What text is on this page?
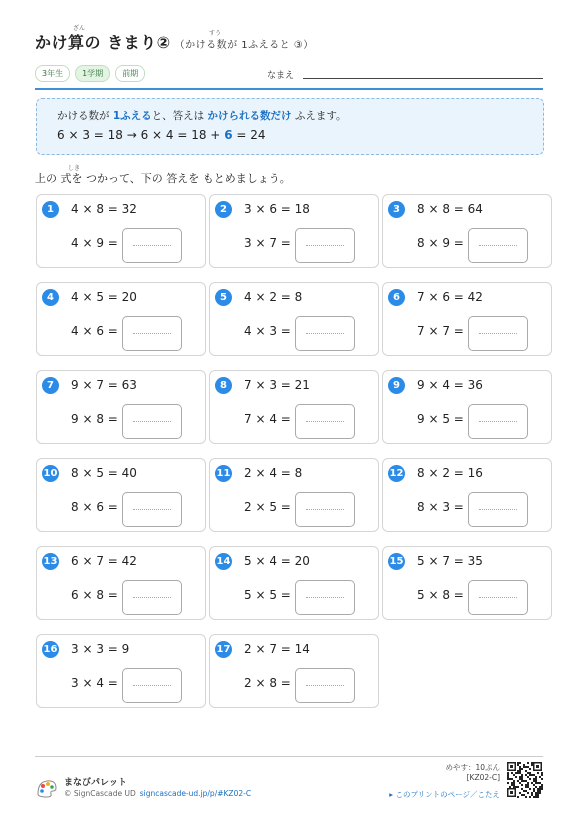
かけ算の きまり② （かける数が 1ふえると ③）
ざん
すう
3年生	1学期	前期	なまえ
かける数が 1ふえると、答えは かけられる数だけ ふえます。
6 × 3 = 18 → 6 × 4 = 18 + 6 = 24
上の 式を つかって、下の 答えを もとめましょう。
しき
1	4 × 8 = 32
4 × 9 =
2	3 × 6 = 18
3 × 7 =
3	8 × 8 = 64
8 × 9 =
4	4 × 5 = 20
4 × 6 =
5	4 × 2 = 8
4 × 3 =
6	7 × 6 = 42
7 × 7 =
7	9 × 7 = 63
9 × 8 =
8	7 × 3 = 21
7 × 4 =
9	9 × 4 = 36
9 × 5 =
10 8 × 5 = 40
8 × 6 =
11 2 × 4 = 8
2 × 5 =
12 8 × 2 = 16
8 × 3 =
13 6 × 7 = 42
6 × 8 =
14 5 × 4 = 20
5 × 5 =
15 5 × 7 = 35
5 × 8 =
16 3 × 3 = 9
3 × 4 =
17 2 × 7 = 14
2 × 8 =
まなびパレット
© SignCascade UD signcascade-ud.jp/p/#KZ02-C
めやす：10ぷん
[KZ02-C]
▸ このプリントのページ／こたえ
